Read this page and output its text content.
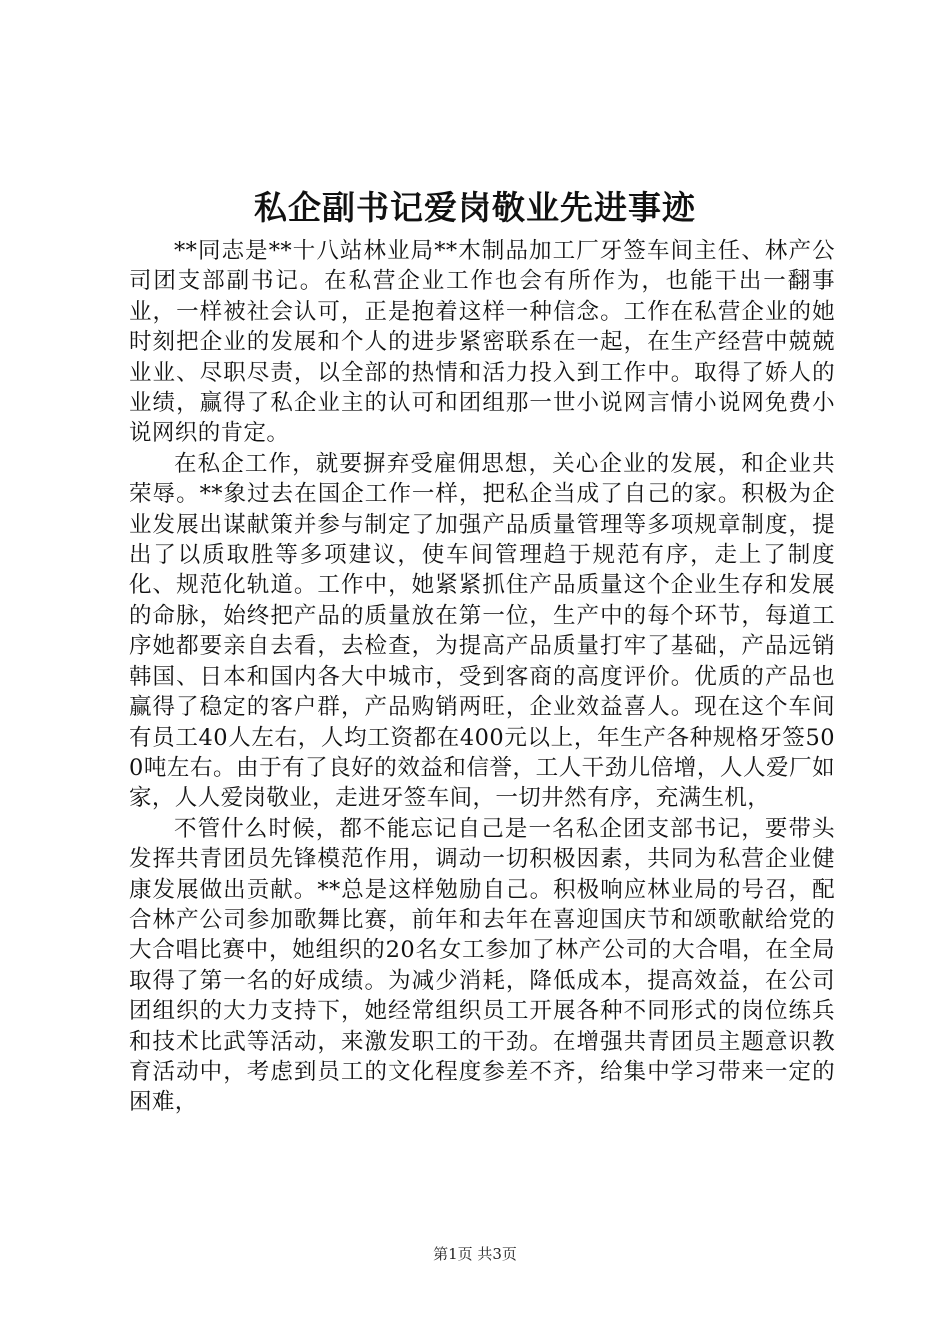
私企副书记爱岗敬业先进事迹

**同志是**十八站林业局**木制品加工厂牙签车间主任、林产公司团支部副书记。在私营企业工作也会有所作为，也能干出一翻事业，一样被社会认可，正是抱着这样一种信念。工作在私营企业的她时刻把企业的发展和个人的进步紧密联系在一起，在生产经营中兢兢业业、尽职尽责，以全部的热情和活力投入到工作中。取得了娇人的业绩，赢得了私企业主的认可和团组那一世小说网言情小说网免费小说网织的肯定。

在私企工作，就要摒弃受雇佣思想，关心企业的发展，和企业共荣辱。**象过去在国企工作一样，把私企当成了自己的家。积极为企业发展出谋献策并参与制定了加强产品质量管理等多项规章制度，提出了以质取胜等多项建议，使车间管理趋于规范有序，走上了制度化、规范化轨道。工作中，她紧紧抓住产品质量这个企业生存和发展的命脉，始终把产品的质量放在第一位，生产中的每个环节，每道工序她都要亲自去看，去检查，为提高产品质量打牢了基础，产品远销韩国、日本和国内各大中城市，受到客商的高度评价。优质的产品也赢得了稳定的客户群，产品购销两旺，企业效益喜人。现在这个车间有员工40人左右，人均工资都在400元以上，年生产各种规格牙签500吨左右。由于有了良好的效益和信誉，工人干劲儿倍增，人人爱厂如家，人人爱岗敬业，走进牙签车间，一切井然有序，充满生机，

不管什么时候，都不能忘记自己是一名私企团支部书记，要带头发挥共青团员先锋模范作用，调动一切积极因素，共同为私营企业健康发展做出贡献。**总是这样勉励自己。积极响应林业局的号召，配合林产公司参加歌舞比赛，前年和去年在喜迎国庆节和颂歌献给党的大合唱比赛中，她组织的20名女工参加了林产公司的大合唱，在全局取得了第一名的好成绩。为减少消耗，降低成本，提高效益，在公司团组织的大力支持下，她经常组织员工开展各种不同形式的岗位练兵和技术比武等活动，来激发职工的干劲。在增强共青团员主题意识教育活动中，考虑到员工的文化程度参差不齐，给集中学习带来一定的困难，

第1页 共3页
